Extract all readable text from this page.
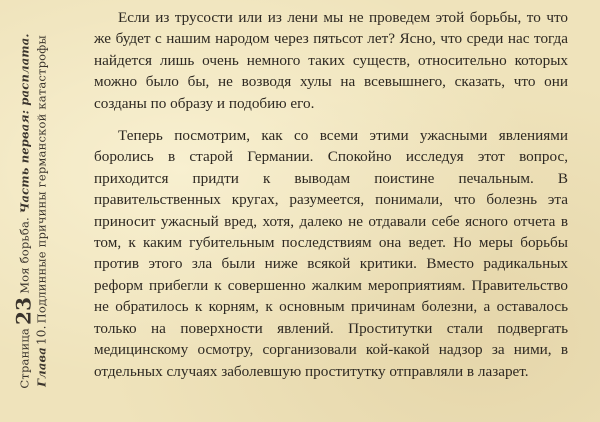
Страница23Моя борьба. Часть первая: расплата.
Глава10.Подлинные причины германской катастрофы

Если из трусости или из лени мы не проведем этой борьбы, то что же будет с нашим народом через пятьсот лет? Ясно, что среди нас тогда найдется лишь очень немного таких существ, относительно которых можно было бы, не возводя хулы на всевышнего, сказать, что они созданы по образу и подобию его.

Теперь посмотрим, как со всеми этими ужасными явлениями боролись в старой Германии. Спокойно исследуя этот вопрос, приходится придти к выводам поистине печальным. В правительственных кругах, разумеется, понимали, что болезнь эта приносит ужасный вред, хотя, далеко не отдавали себе ясного отчета в том, к каким губительным последствиям она ведет. Но меры борьбы против этого зла были ниже всякой критики. Вместо радикальных реформ прибегли к совершенно жалким мероприятиям. Правительство не обратилось к корням, к основным причинам болезни, а оставалось только на поверхности явлений. Проститутки стали подвергать медицинскому осмотру, сорганизовали кой-какой надзор за ними, в отдельных случаях заболевшую проститутку отправляли в лазарет.
